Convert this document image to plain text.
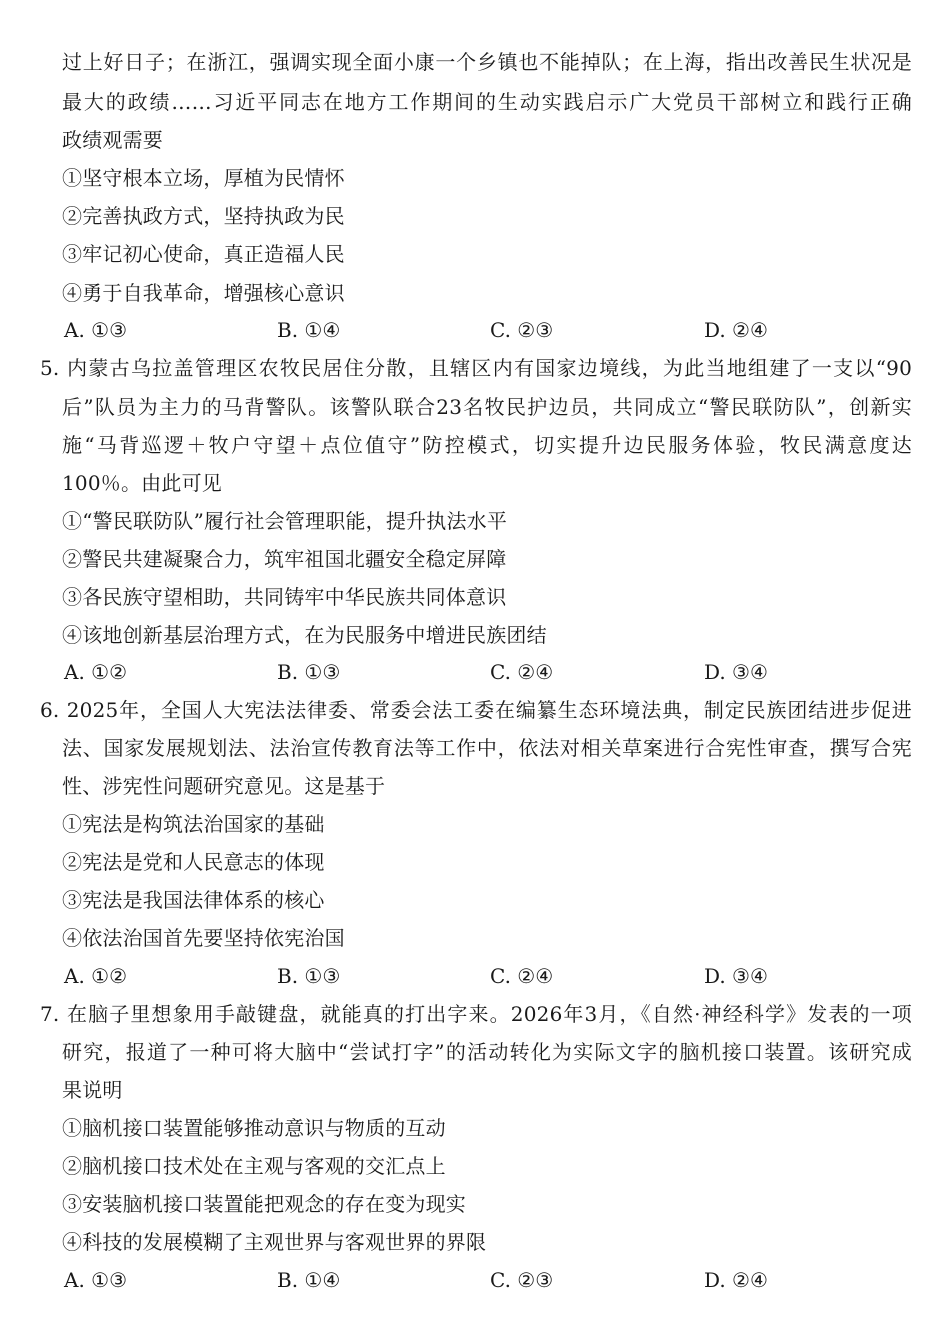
过上好日子；在浙江，强调实现全面小康一个乡镇也不能掉队；在上海，指出改善民生状况是
最大的政绩……习近平同志在地方工作期间的生动实践启示广大党员干部树立和践行正确
政绩观需要
①坚守根本立场，厚植为民情怀
②完善执政方式，坚持执政为民
③牢记初心使命，真正造福人民
④勇于自我革命，增强核心意识
A. ①③	B. ①④	C. ②③	D. ②④
5. 内蒙古乌拉盖管理区农牧民居住分散，且辖区内有国家边境线，为此当地组建了一支以“90
后”队员为主力的马背警队。该警队联合23名牧民护边员，共同成立“警民联防队”，创新实
施“马背巡逻＋牧户守望＋点位值守”防控模式，切实提升边民服务体验，牧民满意度达
100％。由此可见
①“警民联防队”履行社会管理职能，提升执法水平
②警民共建凝聚合力，筑牢祖国北疆安全稳定屏障
③各民族守望相助，共同铸牢中华民族共同体意识
④该地创新基层治理方式，在为民服务中增进民族团结
A. ①②	B. ①③	C. ②④	D. ③④
6. 2025年，全国人大宪法法律委、常委会法工委在编纂生态环境法典，制定民族团结进步促进
法、国家发展规划法、法治宣传教育法等工作中，依法对相关草案进行合宪性审查，撰写合宪
性、涉宪性问题研究意见。这是基于
①宪法是构筑法治国家的基础
②宪法是党和人民意志的体现
③宪法是我国法律体系的核心
④依法治国首先要坚持依宪治国
A. ①②	B. ①③	C. ②④	D. ③④
7. 在脑子里想象用手敲键盘，就能真的打出字来。2026年3月，《自然·神经科学》发表的一项
研究，报道了一种可将大脑中“尝试打字”的活动转化为实际文字的脑机接口装置。该研究成
果说明
①脑机接口装置能够推动意识与物质的互动
②脑机接口技术处在主观与客观的交汇点上
③安装脑机接口装置能把观念的存在变为现实
④科技的发展模糊了主观世界与客观世界的界限
A. ①③	B. ①④	C. ②③	D. ②④
